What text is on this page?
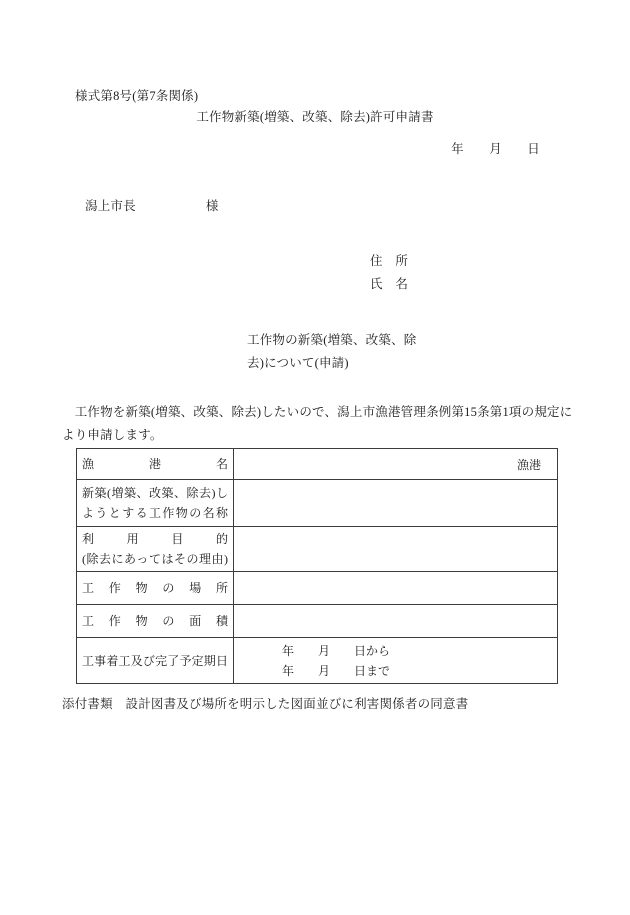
様式第8号(第7条関係)
工作物新築(増築、改築、除去)許可申請書
年　　月　　日
潟上市長	様
住　所
氏　名
工作物の新築(増築、改築、除
去)について(申請)
　工作物を新築(増築、改築、除去)したいので、潟上市漁港管理条例第15条第1項の規定に
より申請します。
漁　港　名	漁港

新築(増築、改築、除去)し
ようとする工作物の名称	

利　用　目　的
(除去にあってはその理由)	

工　作　物　の　場　所	

工　作　物　の　面　積	

工事着工及び完了予定期日	年　　月　　日から
年　　月　　日まで
添付書類　設計図書及び場所を明示した図面並びに利害関係者の同意書
